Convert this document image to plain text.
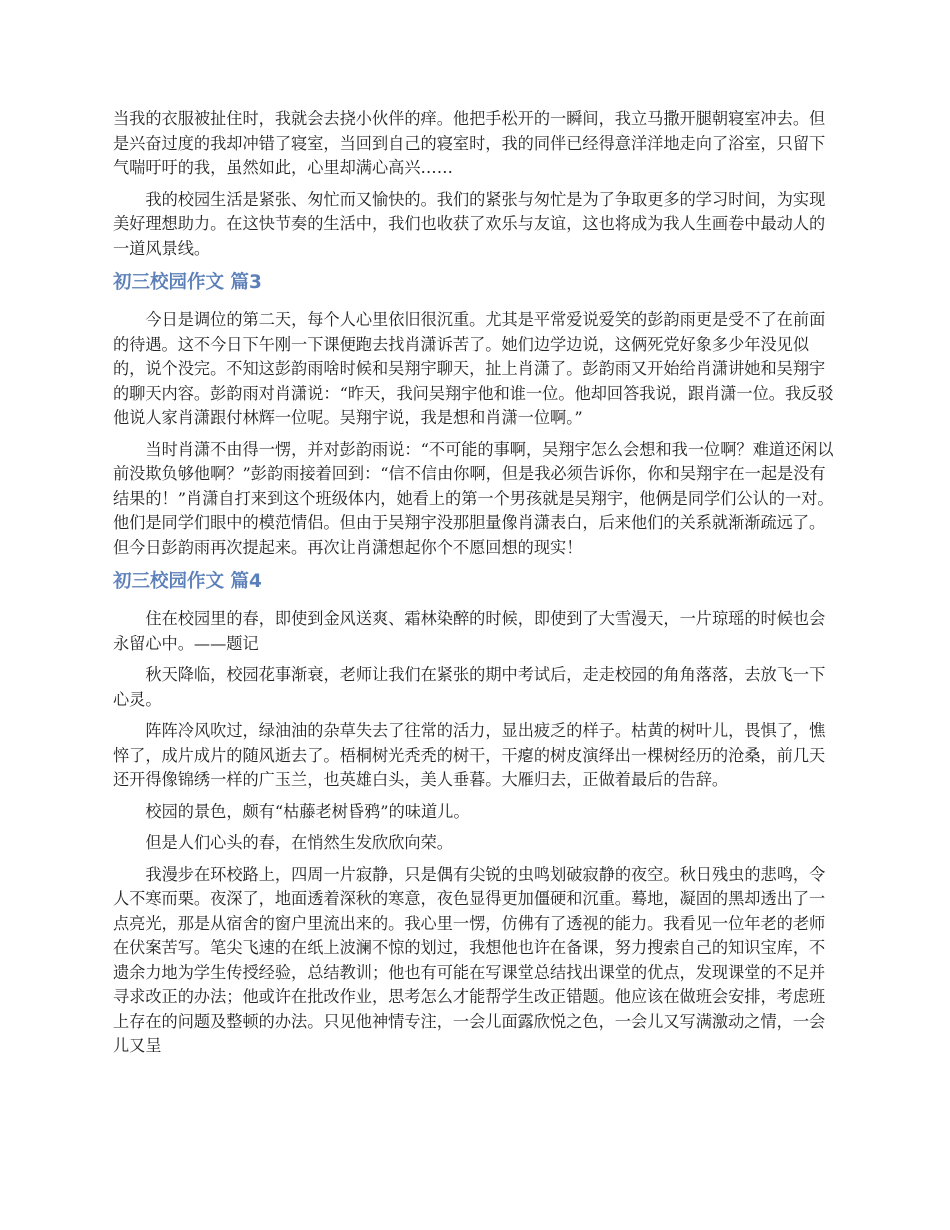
当我的衣服被扯住时，我就会去挠小伙伴的痒。他把手松开的一瞬间，我立马撒开腿朝寝室冲去。但是兴奋过度的我却冲错了寝室，当回到自己的寝室时，我的同伴已经得意洋洋地走向了浴室，只留下气喘吁吁的我，虽然如此，心里却满心高兴……

我的校园生活是紧张、匆忙而又愉快的。我们的紧张与匆忙是为了争取更多的学习时间，为实现美好理想助力。在这快节奏的生活中，我们也收获了欢乐与友谊，这也将成为我人生画卷中最动人的一道风景线。

初三校园作文 篇3

今日是调位的第二天，每个人心里依旧很沉重。尤其是平常爱说爱笑的彭韵雨更是受不了在前面的待遇。这不今日下午刚一下课便跑去找肖潇诉苦了。她们边学边说，这俩死党好象多少年没见似的，说个没完。不知这彭韵雨啥时候和吴翔宇聊天，扯上肖潇了。彭韵雨又开始给肖潇讲她和吴翔宇的聊天内容。彭韵雨对肖潇说：“昨天，我问吴翔宇他和谁一位。他却回答我说，跟肖潇一位。我反驳他说人家肖潇跟付林辉一位呢。吴翔宇说，我是想和肖潇一位啊。”

当时肖潇不由得一愣，并对彭韵雨说：“不可能的事啊，吴翔宇怎么会想和我一位啊？难道还闲以前没欺负够他啊？”彭韵雨接着回到：“信不信由你啊，但是我必须告诉你，你和吴翔宇在一起是没有结果的！”肖潇自打来到这个班级体内，她看上的第一个男孩就是吴翔宇，他俩是同学们公认的一对。他们是同学们眼中的模范情侣。但由于吴翔宇没那胆量像肖潇表白，后来他们的关系就渐渐疏远了。但今日彭韵雨再次提起来。再次让肖潇想起你个不愿回想的现实！

初三校园作文 篇4

住在校园里的春，即使到金风送爽、霜林染醉的时候，即使到了大雪漫天，一片琼瑶的时候也会永留心中。——题记

秋天降临，校园花事渐衰，老师让我们在紧张的期中考试后，走走校园的角角落落，去放飞一下心灵。

阵阵冷风吹过，绿油油的杂草失去了往常的活力，显出疲乏的样子。枯黄的树叶儿，畏惧了，憔悴了，成片成片的随风逝去了。梧桐树光秃秃的树干，干瘪的树皮演绎出一棵树经历的沧桑，前几天还开得像锦绣一样的广玉兰，也英雄白头，美人垂暮。大雁归去，正做着最后的告辞。

校园的景色，颇有“枯藤老树昏鸦”的味道儿。

但是人们心头的春，在悄然生发欣欣向荣。

我漫步在环校路上，四周一片寂静，只是偶有尖锐的虫鸣划破寂静的夜空。秋日残虫的悲鸣，令人不寒而栗。夜深了，地面透着深秋的寒意，夜色显得更加僵硬和沉重。蓦地，凝固的黑却透出了一点亮光，那是从宿舍的窗户里流出来的。我心里一愣，仿佛有了透视的能力。我看见一位年老的老师在伏案苦写。笔尖飞速的在纸上波澜不惊的划过，我想他也许在备课，努力搜索自己的知识宝库，不遗余力地为学生传授经验，总结教训；他也有可能在写课堂总结找出课堂的优点，发现课堂的不足并寻求改正的办法；他或许在批改作业，思考怎么才能帮学生改正错题。他应该在做班会安排，考虑班上存在的问题及整顿的办法。只见他神情专注，一会儿面露欣悦之色，一会儿又写满激动之情，一会儿又呈
